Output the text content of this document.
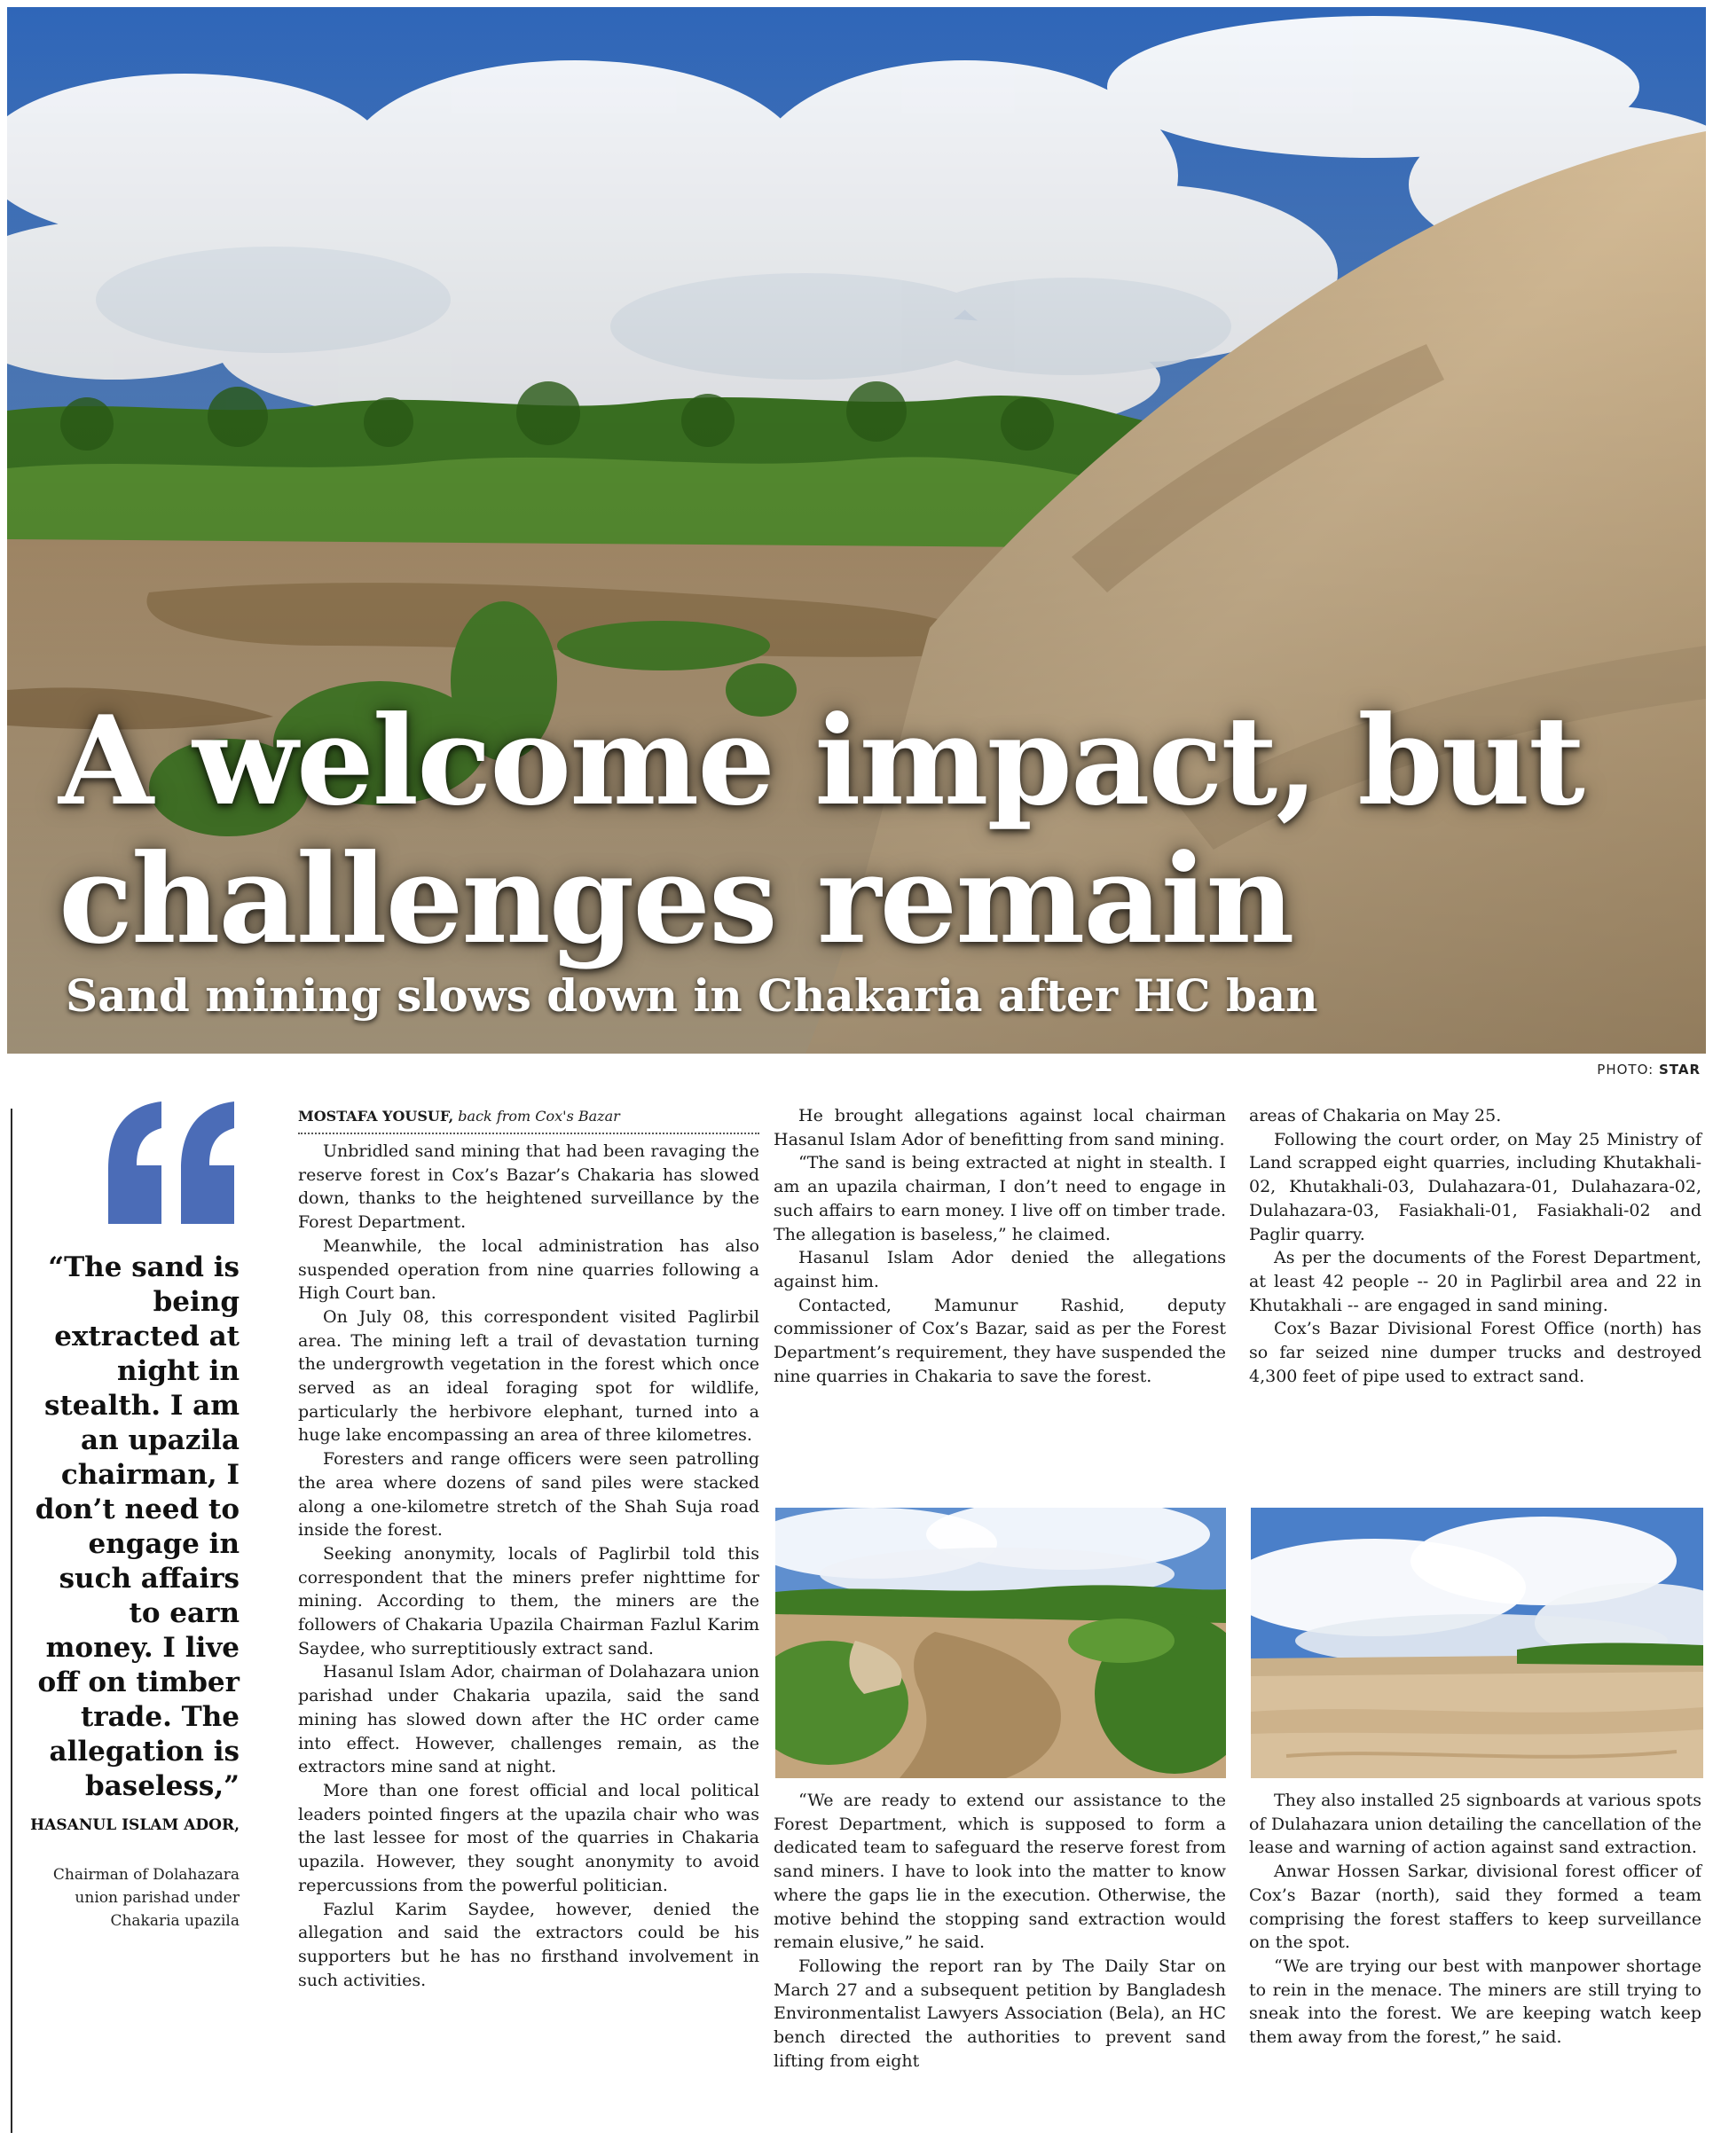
A welcome impact, but challenges remain

Sand mining slows down in Chakaria after HC ban

PHOTO: STAR

“The sand is being extracted at night in stealth. I am an upazila chairman, I don’t need to engage in such affairs to earn money. I live off on timber trade. The allegation is baseless,”

HASANUL ISLAM ADOR,
Chairman of Dolahazara union parishad under Chakaria upazila
MOSTAFA YOUSUF, back from Cox's Bazar

Unbridled sand mining that had been ravaging the reserve forest in Cox’s Bazar’s Chakaria has slowed down, thanks to the heightened surveillance by the Forest Department.

Meanwhile, the local administration has also suspended operation from nine quarries following a High Court ban.

On July 08, this correspondent visited Paglirbil area. The mining left a trail of devastation turning the undergrowth vegetation in the forest which once served as an ideal foraging spot for wildlife, particularly the herbivore elephant, turned into a huge lake encompassing an area of three kilometres.

Foresters and range officers were seen patrolling the area where dozens of sand piles were stacked along a one-kilometre stretch of the Shah Suja road inside the forest.

Seeking anonymity, locals of Paglirbil told this correspondent that the miners prefer nighttime for mining. According to them, the miners are the followers of Chakaria Upazila Chairman Fazlul Karim Saydee, who surreptitiously extract sand.

Hasanul Islam Ador, chairman of Dolahazara union parishad under Chakaria upazila, said the sand mining has slowed down after the HC order came into effect. However, challenges remain, as the extractors mine sand at night.

More than one forest official and local political leaders pointed fingers at the upazila chair who was the last lessee for most of the quarries in Chakaria upazila. However, they sought anonymity to avoid repercussions from the powerful politician.

Fazlul Karim Saydee, however, denied the allegation and said the extractors could be his supporters but he has no firsthand involvement in such activities.

He brought allegations against local chairman Hasanul Islam Ador of benefitting from sand mining.

“The sand is being extracted at night in stealth. I am an upazila chairman, I don’t need to engage in such affairs to earn money. I live off on timber trade. The allegation is baseless,” he claimed.

Hasanul Islam Ador denied the allegations against him.

Contacted, Mamunur Rashid, deputy commissioner of Cox’s Bazar, said as per the Forest Department’s requirement, they have suspended the nine quarries in Chakaria to save the forest.

areas of Chakaria on May 25.

Following the court order, on May 25 Ministry of Land scrapped eight quarries, including Khutakhali-02, Khutakhali-03, Dulahazara-01, Dulahazara-02, Dulahazara-03, Fasiakhali-01, Fasiakhali-02 and Paglir quarry.

As per the documents of the Forest Department, at least 42 people -- 20 in Paglirbil area and 22 in Khutakhali -- are engaged in sand mining.

Cox’s Bazar Divisional Forest Office (north) has so far seized nine dumper trucks and destroyed 4,300 feet of pipe used to extract sand.

“We are ready to extend our assistance to the Forest Department, which is supposed to form a dedicated team to safeguard the reserve forest from sand miners. I have to look into the matter to know where the gaps lie in the execution. Otherwise, the motive behind the stopping sand extraction would remain elusive,” he said.

Following the report ran by The Daily Star on March 27 and a subsequent petition by Bangladesh Environmentalist Lawyers Association (Bela), an HC bench directed the authorities to prevent sand lifting from eight

They also installed 25 signboards at various spots of Dulahazara union detailing the cancellation of the lease and warning of action against sand extraction.

Anwar Hossen Sarkar, divisional forest officer of Cox’s Bazar (north), said they formed a team comprising the forest staffers to keep surveillance on the spot.

“We are trying our best with manpower shortage to rein in the menace. The miners are still trying to sneak into the forest. We are keeping watch keep them away from the forest,” he said.
